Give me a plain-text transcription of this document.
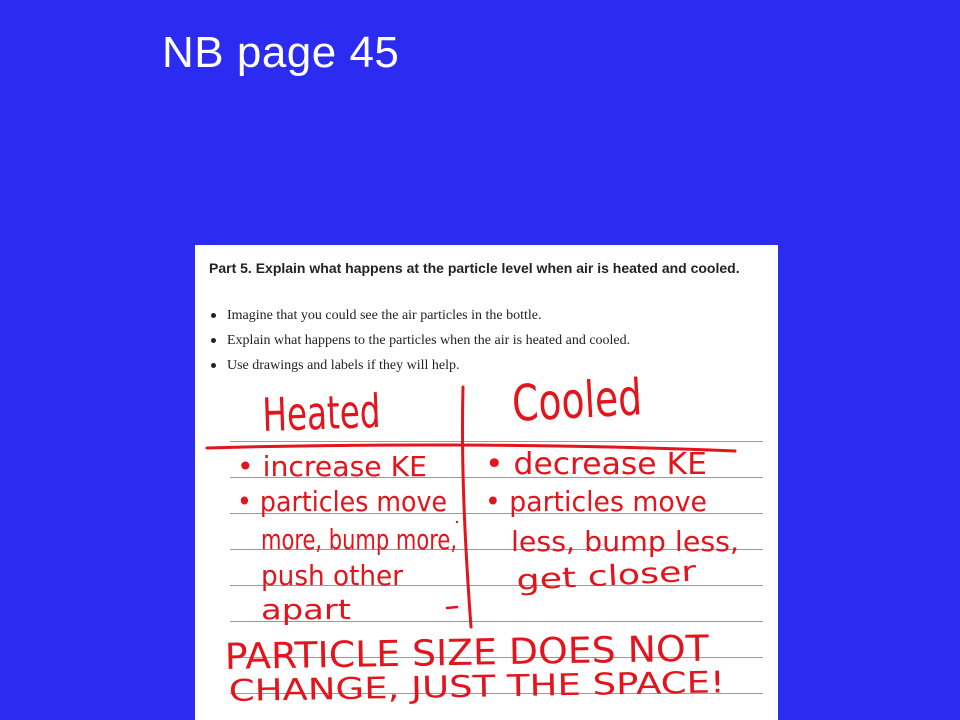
NB page 45
Part 5. Explain what happens at the particle level when air is heated and cooled.
Imagine that you could see the air particles in the bottle.
Explain what happens to the particles when the air is heated and cooled.
Use drawings and labels if they will help.
Heated Cooled
• increase KE
• particles move
more, bump more,
push other
apart
• decrease KE
• particles move
less, bump less,
get closer
PARTICLE SIZE DOES NOT
CHANGE, JUST THE SPACE!
